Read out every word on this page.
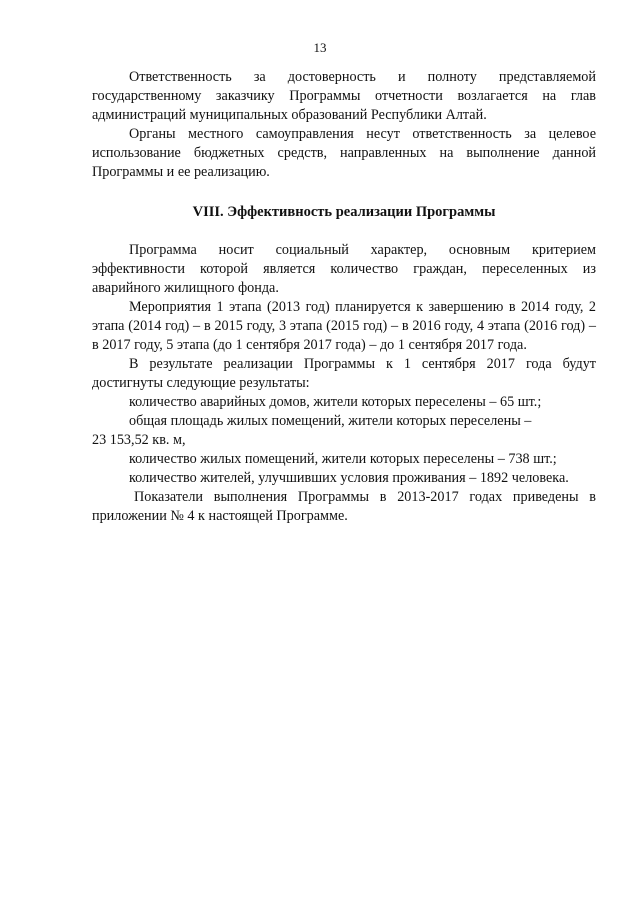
13

Ответственность за достоверность и полноту представляемой государственному заказчику Программы отчетности возлагается на глав администраций муниципальных образований Республики Алтай.

Органы местного самоуправления несут ответственность за целевое использование бюджетных средств, направленных на выполнение данной Программы и ее реализацию.

VIII. Эффективность реализации Программы

Программа носит социальный характер, основным критерием эффективности которой является количество граждан, переселенных из аварийного жилищного фонда.

Мероприятия 1 этапа (2013 год) планируется к завершению в 2014 году, 2 этапа (2014 год) – в 2015 году, 3 этапа (2015 год) – в 2016 году, 4 этапа (2016 год) – в 2017 году, 5 этапа (до 1 сентября 2017 года) – до 1 сентября 2017 года.

В результате реализации Программы к 1 сентября 2017 года будут достигнуты следующие результаты:

количество аварийных домов, жители которых переселены – 65 шт.;

общая площадь жилых помещений, жители которых переселены –

23 153,52 кв. м,

количество жилых помещений, жители которых переселены – 738 шт.;

количество жителей, улучшивших условия проживания – 1892 человека.

Показатели выполнения Программы в 2013-2017 годах приведены в приложении № 4 к настоящей Программе.
